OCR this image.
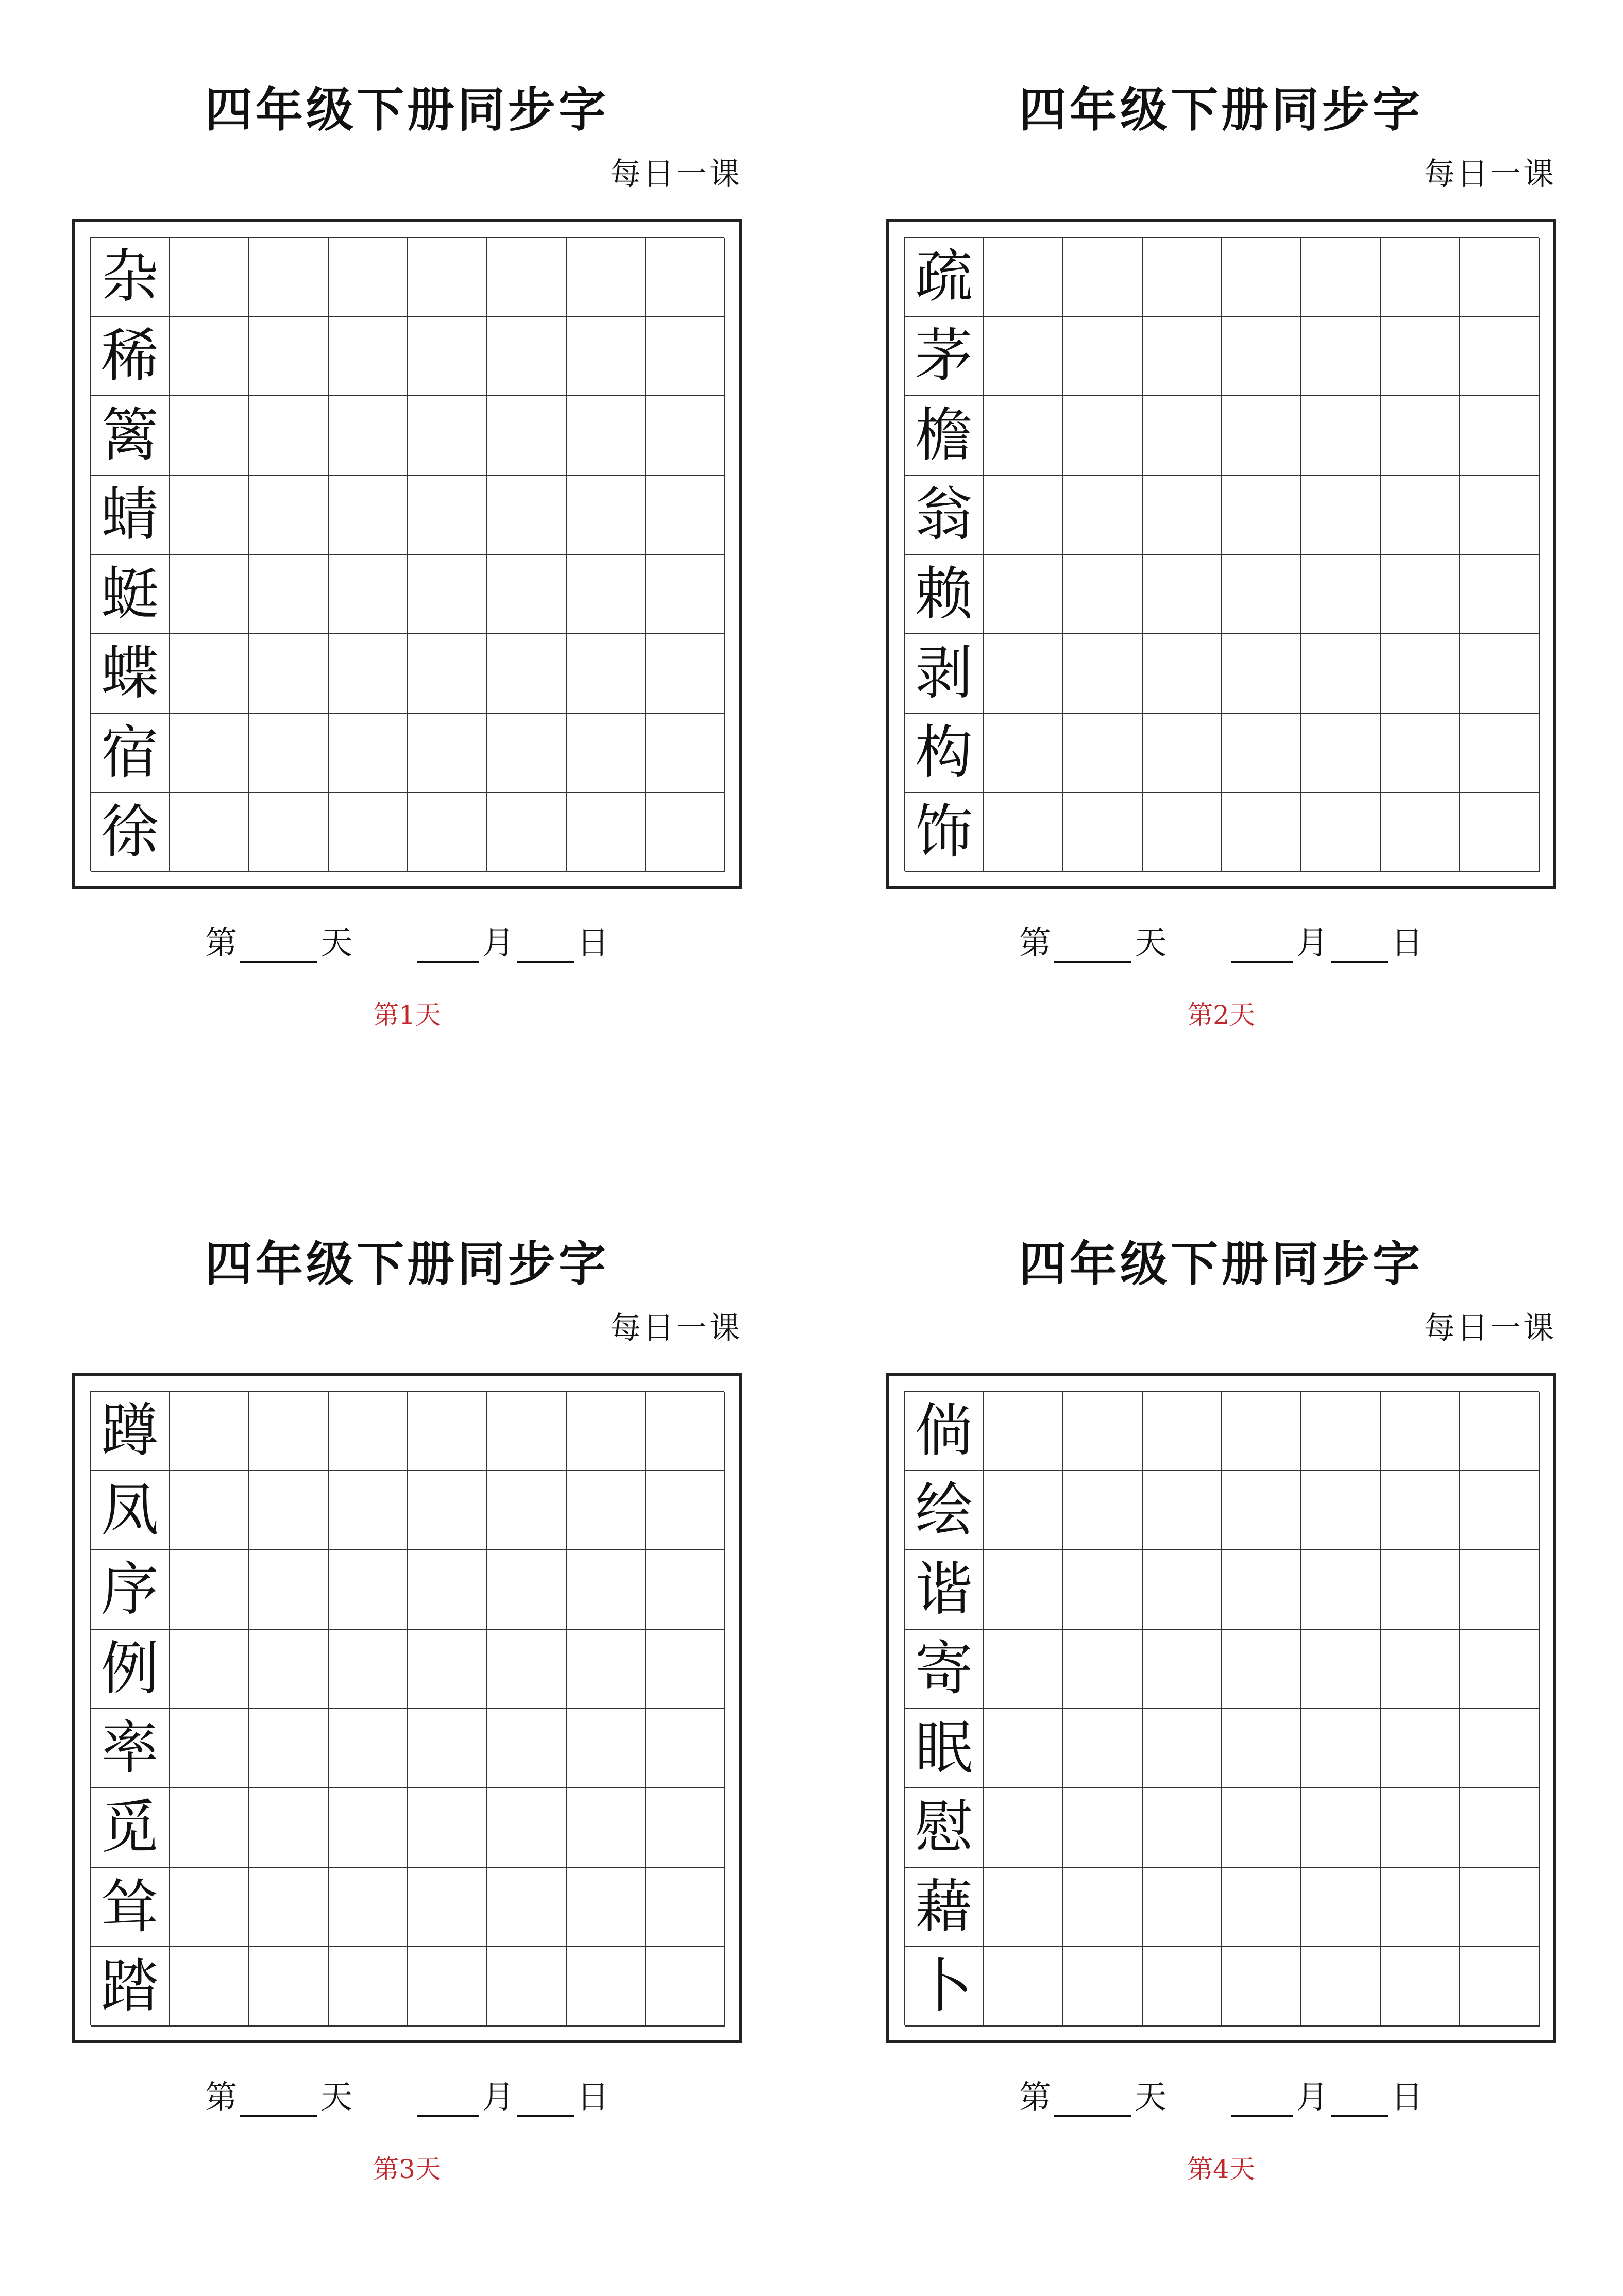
四年级下册同步字
每日一课
杂
稀
篱
蜻
蜓
蝶
宿
徐
第	天	月 日
第1天
四年级下册同步字
每日一课
疏
茅
檐
翁
赖
剥
构
饰
第	天	月 日
第2天
四年级下册同步字
每日一课
蹲
凤
序
例
率
觅
耸
踏
第	天	月 日
第3天
四年级下册同步字
每日一课
倘
绘
谐
寄
眠
慰
藉
卜
第	天	月 日
第4天
